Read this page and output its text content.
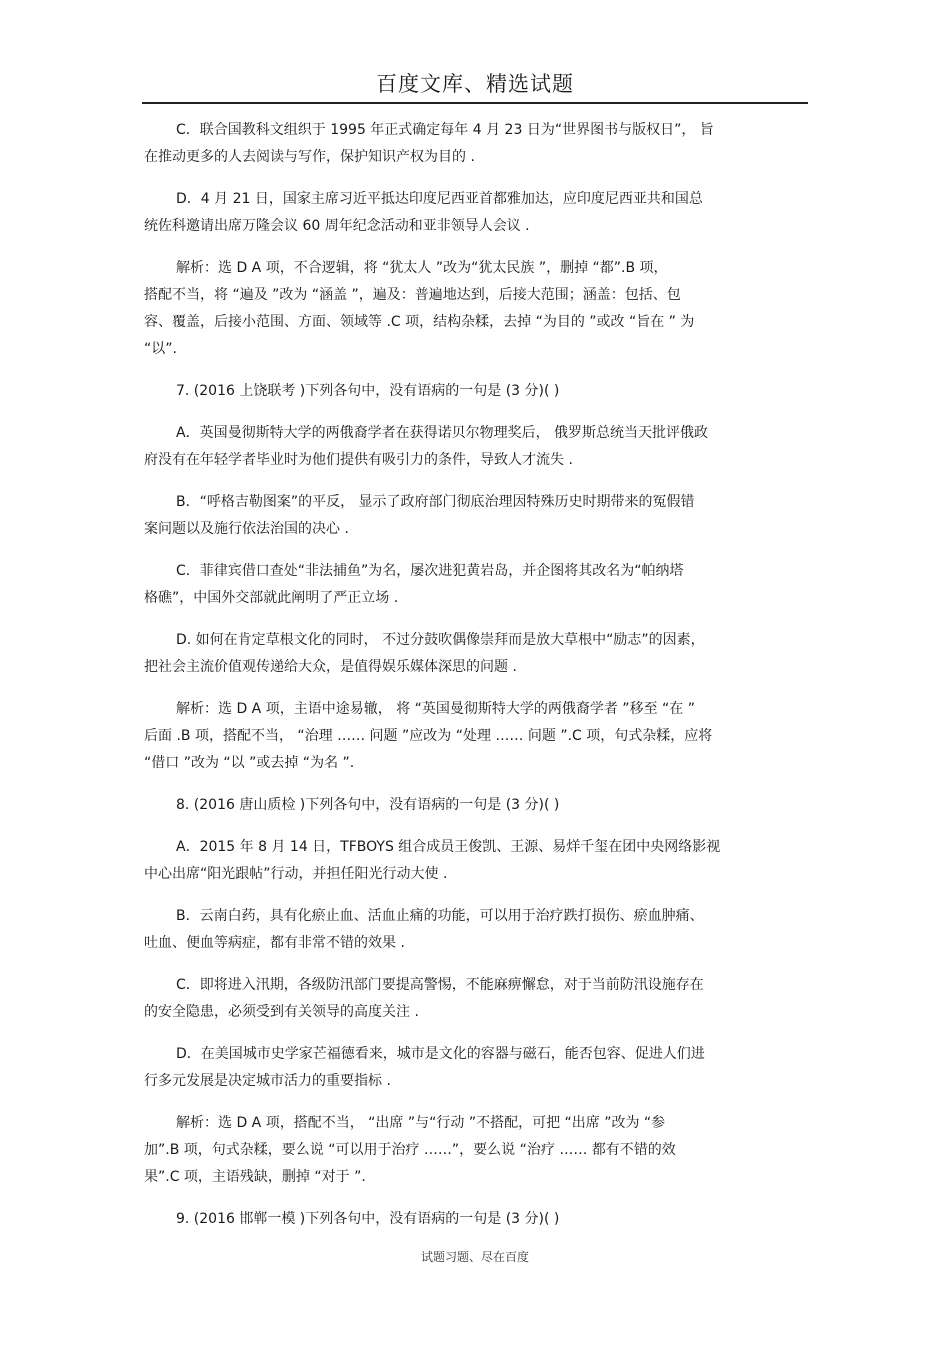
百度文库、精选试题
C．联合国教科文组织于 1995 年正式确定每年 4 月 23 日为“世界图书与版权日”， 旨
在推动更多的人去阅读与写作，保护知识产权为目的 .
D．4 月 21 日，国家主席习近平抵达印度尼西亚首都雅加达，应印度尼西亚共和国总
统佐科邀请出席万隆会议 60 周年纪念活动和亚非领导人会议 .
解析：选 D A 项，不合逻辑，将 “犹太人 ”改为“犹太民族 ”，删掉 “都”.B 项，
搭配不当，将 “遍及 ”改为 “涵盖 ”，遍及：普遍地达到，后接大范围；涵盖：包括、包
容、覆盖，后接小范围、方面、领域等 .C 项，结构杂糅，去掉 “为目的 ”或改 “旨在 ” 为
“以”.
7. (2016 上饶联考 )下列各句中，没有语病的一句是 (3 分)( )
A．英国曼彻斯特大学的两俄裔学者在获得诺贝尔物理奖后， 俄罗斯总统当天批评俄政
府没有在年轻学者毕业时为他们提供有吸引力的条件，导致人才流失 .
B．“呼格吉勒图案”的平反， 显示了政府部门彻底治理因特殊历史时期带来的冤假错
案问题以及施行依法治国的决心 .
C．菲律宾借口查处“非法捕鱼”为名，屡次进犯黄岩岛，并企图将其改名为“帕纳塔
格礁”，中国外交部就此阐明了严正立场 .
D. 如何在肯定草根文化的同时， 不过分鼓吹偶像崇拜而是放大草根中“励志”的因素，
把社会主流价值观传递给大众，是值得娱乐媒体深思的问题 .
解析：选 D A 项，主语中途易辙， 将 “英国曼彻斯特大学的两俄裔学者 ”移至 “在 ”
后面 .B 项，搭配不当， “治理 …… 问题 ”应改为 “处理 …… 问题 ”.C 项，句式杂糅，应将
“借口 ”改为 “以 ”或去掉 “为名 ”.
8. (2016 唐山质检 )下列各句中，没有语病的一句是 (3 分)( )
A．2015 年 8 月 14 日，TFBOYS 组合成员王俊凯、王源、易烊千玺在团中央网络影视
中心出席“阳光跟帖”行动，并担任阳光行动大使 .
B．云南白药，具有化瘀止血、活血止痛的功能，可以用于治疗跌打损伤、瘀血肿痛、
吐血、便血等病症，都有非常不错的效果 .
C．即将进入汛期，各级防汛部门要提高警惕，不能麻痹懈怠，对于当前防汛设施存在
的安全隐患，必须受到有关领导的高度关注 .
D．在美国城市史学家芒福德看来，城市是文化的容器与磁石，能否包容、促进人们进
行多元发展是决定城市活力的重要指标 .
解析：选 D A 项，搭配不当， “出席 ”与“行动 ”不搭配，可把 “出席 ”改为 “参
加”.B 项，句式杂糅，要么说 “可以用于治疗 ……”，要么说 “治疗 …… 都有不错的效
果”.C 项，主语残缺，删掉 “对于 ”.
9. (2016 邯郸一模 )下列各句中，没有语病的一句是 (3 分)( )
试题习题、尽在百度
